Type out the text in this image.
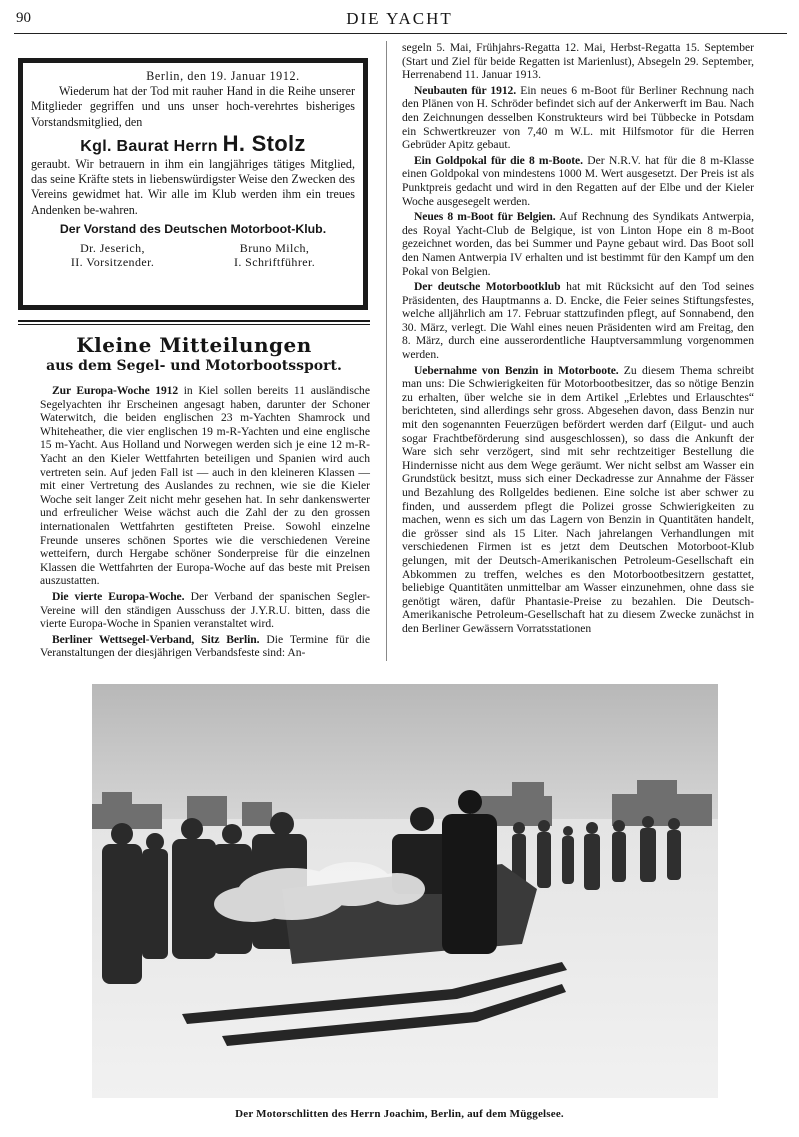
90	DIE YACHT
Berlin, den 19. Januar 1912.

Wiederum hat der Tod mit rauher Hand in die Reihe unserer Mitglieder gegriffen und uns unser hoch-verehrtes bisheriges Vorstandsmitglied, den

Kgl. Baurat Herrn H. Stolz

geraubt. Wir betrauern in ihm ein langjähriges tätiges Mitglied, das seine Kräfte stets in liebenswürdigster Weise den Zwecken des Vereins gewidmet hat. Wir alle im Klub werden ihm ein treues Andenken be-wahren.

Der Vorstand des Deutschen Motorboot-Klub.
Dr. Jeserich,
II. Vorsitzender.
Bruno Milch,
I. Schriftführer.
Kleine Mitteilungen
aus dem Segel- und Motorbootssport.

Zur Europa-Woche 1912 in Kiel sollen bereits 11 ausländische Segelyachten ihr Erscheinen angesagt haben, darunter der Schoner Waterwitch, die beiden englischen 23 m-Yachten Shamrock und Whiteheather, die vier englischen 19 m-R-Yachten und eine englische 15 m-Yacht. Aus Holland und Norwegen werden sich je eine 12 m-R-Yacht an den Kieler Wettfahrten beteiligen und Spanien wird auch vertreten sein. Auf jeden Fall ist — auch in den kleineren Klassen — mit einer Vertretung des Auslandes zu rechnen, wie sie die Kieler Woche seit langer Zeit nicht mehr gesehen hat. In sehr dankenswerter und erfreulicher Weise wächst auch die Zahl der zu den grossen internationalen Wettfahrten gestifteten Preise. Sowohl einzelne Freunde unseres schönen Sportes wie die verschiedenen Vereine wetteifern, durch Hergabe schöner Sonderpreise für die einzelnen Klassen die Wettfahrten der Europa-Woche auf das beste mit Preisen auszustatten.

Die vierte Europa-Woche. Der Verband der spanischen Segler-Vereine will den ständigen Ausschuss der J.Y.R.U. bitten, dass die vierte Europa-Woche in Spanien veranstaltet wird.

Berliner Wettsegel-Verband, Sitz Berlin. Die Termine für die Veranstaltungen der diesjährigen Verbandsfeste sind: An-

segeln 5. Mai, Frühjahrs-Regatta 12. Mai, Herbst-Regatta 15. September (Start und Ziel für beide Regatten ist Marienlust), Absegeln 29. September, Herrenabend 11. Januar 1913.

Neubauten für 1912. Ein neues 6 m-Boot für Berliner Rechnung nach den Plänen von H. Schröder befindet sich auf der Ankerwerft im Bau. Nach den Zeichnungen desselben Konstrukteurs wird bei Tübbecke in Potsdam ein Schwertkreuzer von 7,40 m W.L. mit Hilfsmotor für die Herren Gebrüder Apitz gebaut.

Ein Goldpokal für die 8 m-Boote. Der N.R.V. hat für die 8 m-Klasse einen Goldpokal von mindestens 1000 M. Wert ausgesetzt. Der Preis ist als Punktpreis gedacht und wird in den Regatten auf der Elbe und der Kieler Woche ausgesegelt werden.

Neues 8 m-Boot für Belgien. Auf Rechnung des Syndikats Antwerpia, des Royal Yacht-Club de Belgique, ist von Linton Hope ein 8 m-Boot gezeichnet worden, das bei Summer und Payne gebaut wird. Das Boot soll den Namen Antwerpia IV erhalten und ist bestimmt für den Kampf um den Pokal von Belgien.

Der deutsche Motorbootklub hat mit Rücksicht auf den Tod seines Präsidenten, des Hauptmanns a. D. Encke, die Feier seines Stiftungsfestes, welche alljährlich am 17. Februar stattzufinden pflegt, auf Sonnabend, den 30. März, verlegt. Die Wahl eines neuen Präsidenten wird am Freitag, den 8. März, durch eine ausserordentliche Hauptversammlung vorgenommen werden.

Uebernahme von Benzin in Motorboote. Zu diesem Thema schreibt man uns: Die Schwierigkeiten für Motorbootbesitzer, das so nötige Benzin zu erhalten, über welche sie in dem Artikel „Erlebtes und Erlauschtes“ berichteten, sind allerdings sehr gross. Abgesehen davon, dass Benzin nur mit den sogenannten Feuerzügen befördert werden darf (Eilgut- und auch sogar Frachtbeförderung sind ausgeschlossen), so dass die Ankunft der Ware sich sehr verzögert, sind mit sehr rechtzeitiger Bestellung die Hindernisse nicht aus dem Wege geräumt. Wer nicht selbst am Wasser ein Grundstück besitzt, muss sich einer Deckadresse zur Annahme der Fässer und Bezahlung des Rollgeldes bedienen. Eine solche ist aber schwer zu finden, und ausserdem pflegt die Polizei grosse Schwierigkeiten zu machen, wenn es sich um das Lagern von Benzin in Quantitäten handelt, die grösser sind als 15 Liter. Nach jahrelangen Verhandlungen mit verschiedenen Firmen ist es jetzt dem Deutschen Motorboot-Klub gelungen, mit der Deutsch-Amerikanischen Petroleum-Gesellschaft ein Abkommen zu treffen, welches es den Motorbootbesitzern gestattet, beliebige Quantitäten unmittelbar am Wasser einzunehmen, ohne dass sie genötigt wären, dafür Phantasie-Preise zu bezahlen. Die Deutsch-Amerikanische Petroleum-Gesellschaft hat zu diesem Zwecke zunächst in den Berliner Gewässern Vorratsstationen

Der Motorschlitten des Herrn Joachim, Berlin, auf dem Müggelsee.
